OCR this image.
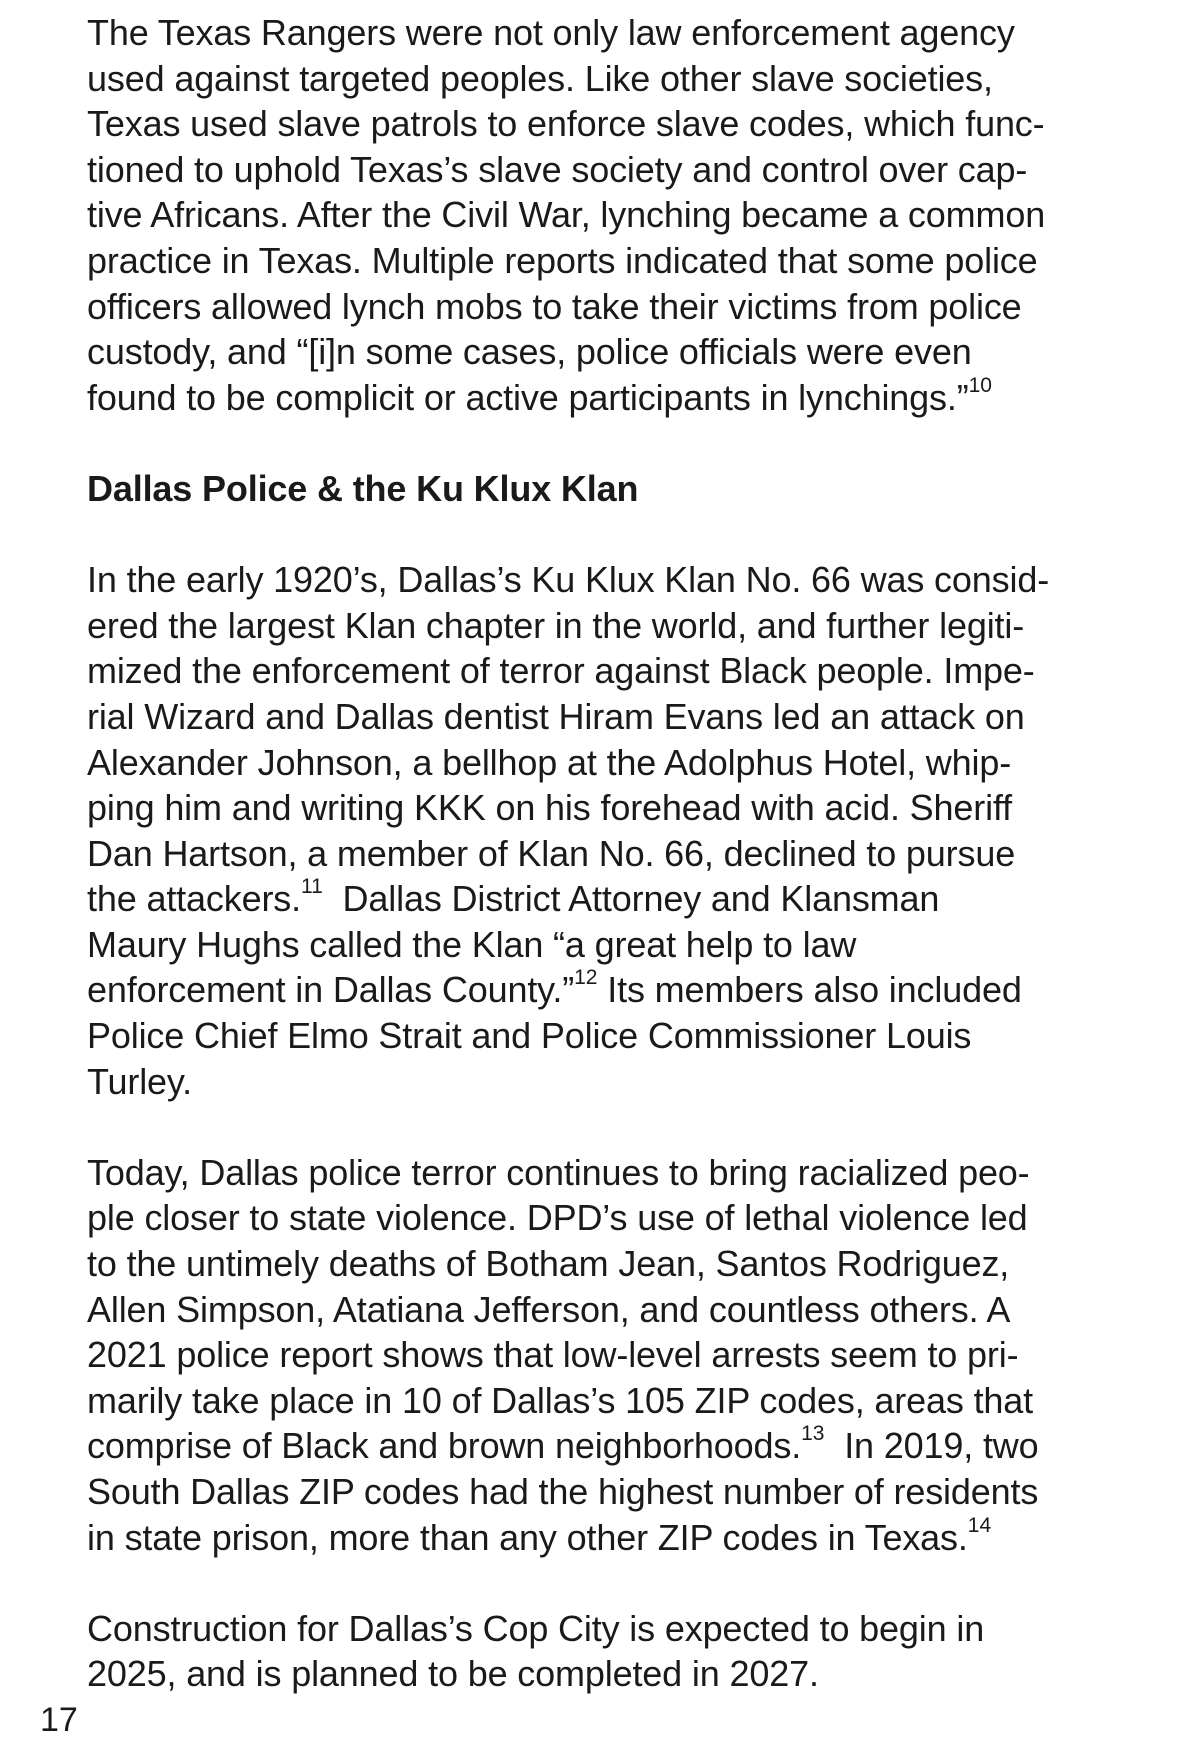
The Texas Rangers were not only law enforcement agency
used against targeted peoples. Like other slave societies,
Texas used slave patrols to enforce slave codes, which func-
tioned to uphold Texas’s slave society and control over cap-
tive Africans. After the Civil War, lynching became a common
practice in Texas. Multiple reports indicated that some police
officers allowed lynch mobs to take their victims from police
custody, and “[i]n some cases, police officials were even
found to be complicit or active participants in lynchings.”$^{10}$
Dallas Police & the Ku Klux Klan
In the early 1920’s, Dallas’s Ku Klux Klan No. 66 was consid-
ered the largest Klan chapter in the world, and further legiti-
mized the enforcement of terror against Black people. Impe-
rial Wizard and Dallas dentist Hiram Evans led an attack on
Alexander Johnson, a bellhop at the Adolphus Hotel, whip-
ping him and writing KKK on his forehead with acid. Sheriff
Dan Hartson, a member of Klan No. 66, declined to pursue
the attackers.$^{11}$  Dallas District Attorney and Klansman
Maury Hughs called the Klan “a great help to law
enforcement in Dallas County.”$^{12}$ Its members also included
Police Chief Elmo Strait and Police Commissioner Louis
Turley.
Today, Dallas police terror continues to bring racialized peo-
ple closer to state violence. DPD’s use of lethal violence led
to the untimely deaths of Botham Jean, Santos Rodriguez,
Allen Simpson, Atatiana Jefferson, and countless others. A
2021 police report shows that low-level arrests seem to pri-
marily take place in 10 of Dallas’s 105 ZIP codes, areas that
comprise of Black and brown neighborhoods.$^{13}$  In 2019, two
South Dallas ZIP codes had the highest number of residents
in state prison, more than any other ZIP codes in Texas.$^{14}$
Construction for Dallas’s Cop City is expected to begin in
2025, and is planned to be completed in 2027.
17
